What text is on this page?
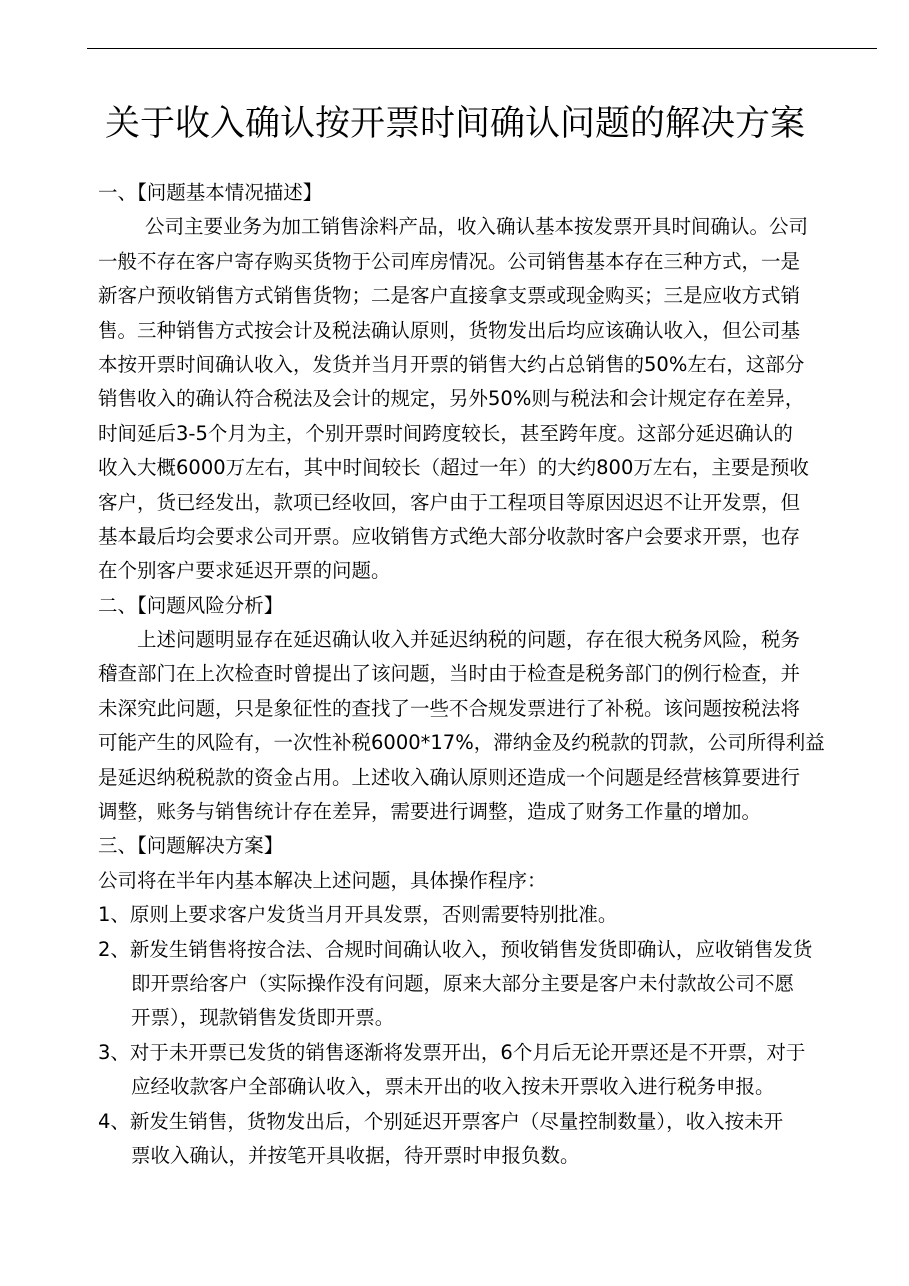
关于收入确认按开票时间确认问题的解决方案
一、【问题基本情况描述】
公司主要业务为加工销售涂料产品，收入确认基本按发票开具时间确认。公司
一般不存在客户寄存购买货物于公司库房情况。公司销售基本存在三种方式，一是
新客户预收销售方式销售货物；二是客户直接拿支票或现金购买；三是应收方式销
售。三种销售方式按会计及税法确认原则，货物发出后均应该确认收入，但公司基
本按开票时间确认收入，发货并当月开票的销售大约占总销售的50%左右，这部分
销售收入的确认符合税法及会计的规定，另外50%则与税法和会计规定存在差异，
时间延后3-5个月为主，个别开票时间跨度较长，甚至跨年度。这部分延迟确认的
收入大概6000万左右，其中时间较长（超过一年）的大约800万左右，主要是预收
客户，货已经发出，款项已经收回，客户由于工程项目等原因迟迟不让开发票，但
基本最后均会要求公司开票。应收销售方式绝大部分收款时客户会要求开票，也存
在个别客户要求延迟开票的问题。
二、【问题风险分析】
上述问题明显存在延迟确认收入并延迟纳税的问题，存在很大税务风险，税务
稽查部门在上次检查时曾提出了该问题，当时由于检查是税务部门的例行检查，并
未深究此问题，只是象征性的查找了一些不合规发票进行了补税。该问题按税法将
可能产生的风险有，一次性补税6000*17%，滞纳金及约税款的罚款，公司所得利益
是延迟纳税税款的资金占用。上述收入确认原则还造成一个问题是经营核算要进行
调整，账务与销售统计存在差异，需要进行调整，造成了财务工作量的增加。
三、【问题解决方案】
公司将在半年内基本解决上述问题，具体操作程序：
1、原则上要求客户发货当月开具发票，否则需要特别批准。
2、新发生销售将按合法、合规时间确认收入，预收销售发货即确认，应收销售发货
即开票给客户（实际操作没有问题，原来大部分主要是客户未付款故公司不愿
开票），现款销售发货即开票。
3、对于未开票已发货的销售逐渐将发票开出，6个月后无论开票还是不开票，对于
应经收款客户全部确认收入，票未开出的收入按未开票收入进行税务申报。
4、新发生销售，货物发出后，个别延迟开票客户（尽量控制数量），收入按未开
票收入确认，并按笔开具收据，待开票时申报负数。
